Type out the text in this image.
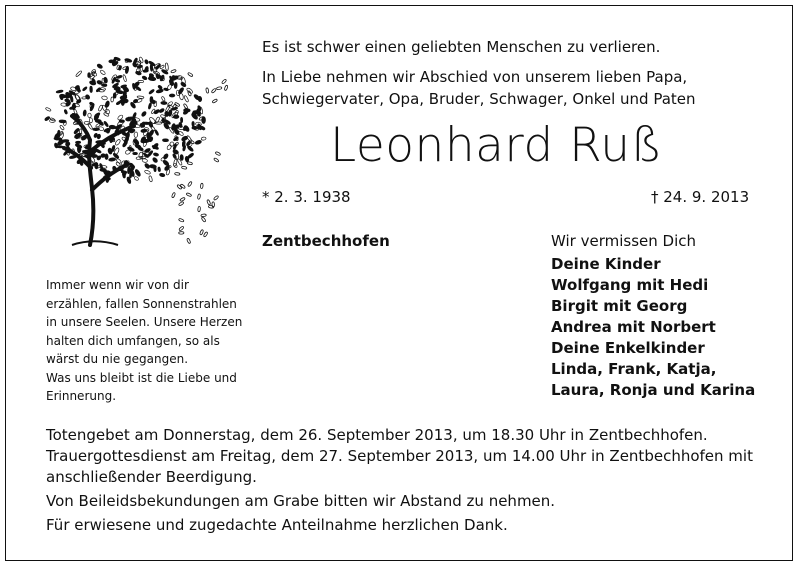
Es ist schwer einen geliebten Menschen zu verlieren.
In Liebe nehmen wir Abschied von unserem lieben Papa,
Schwiegervater, Opa, Bruder, Schwager, Onkel und Paten
Leonhard Ruß
* 2. 3. 1938	† 24. 9. 2013
Zentbechhofen
Immer wenn wir von dir
erzählen, fallen Sonnenstrahlen
in unsere Seelen. Unsere Herzen
halten dich umfangen, so als
wärst du nie gegangen.
Was uns bleibt ist die Liebe und
Erinnerung.
Wir vermissen Dich
Deine Kinder
Wolfgang mit Hedi
Birgit mit Georg
Andrea mit Norbert
Deine Enkelkinder
Linda, Frank, Katja,
Laura, Ronja und Karina
Totengebet am Donnerstag, dem 26. September 2013, um 18.30 Uhr in Zentbechhofen.
Trauergottesdienst am Freitag, dem 27. September 2013, um 14.00 Uhr in Zentbechhofen mit
anschließender Beerdigung.
Von Beileidsbekundungen am Grabe bitten wir Abstand zu nehmen.
Für erwiesene und zugedachte Anteilnahme herzlichen Dank.
